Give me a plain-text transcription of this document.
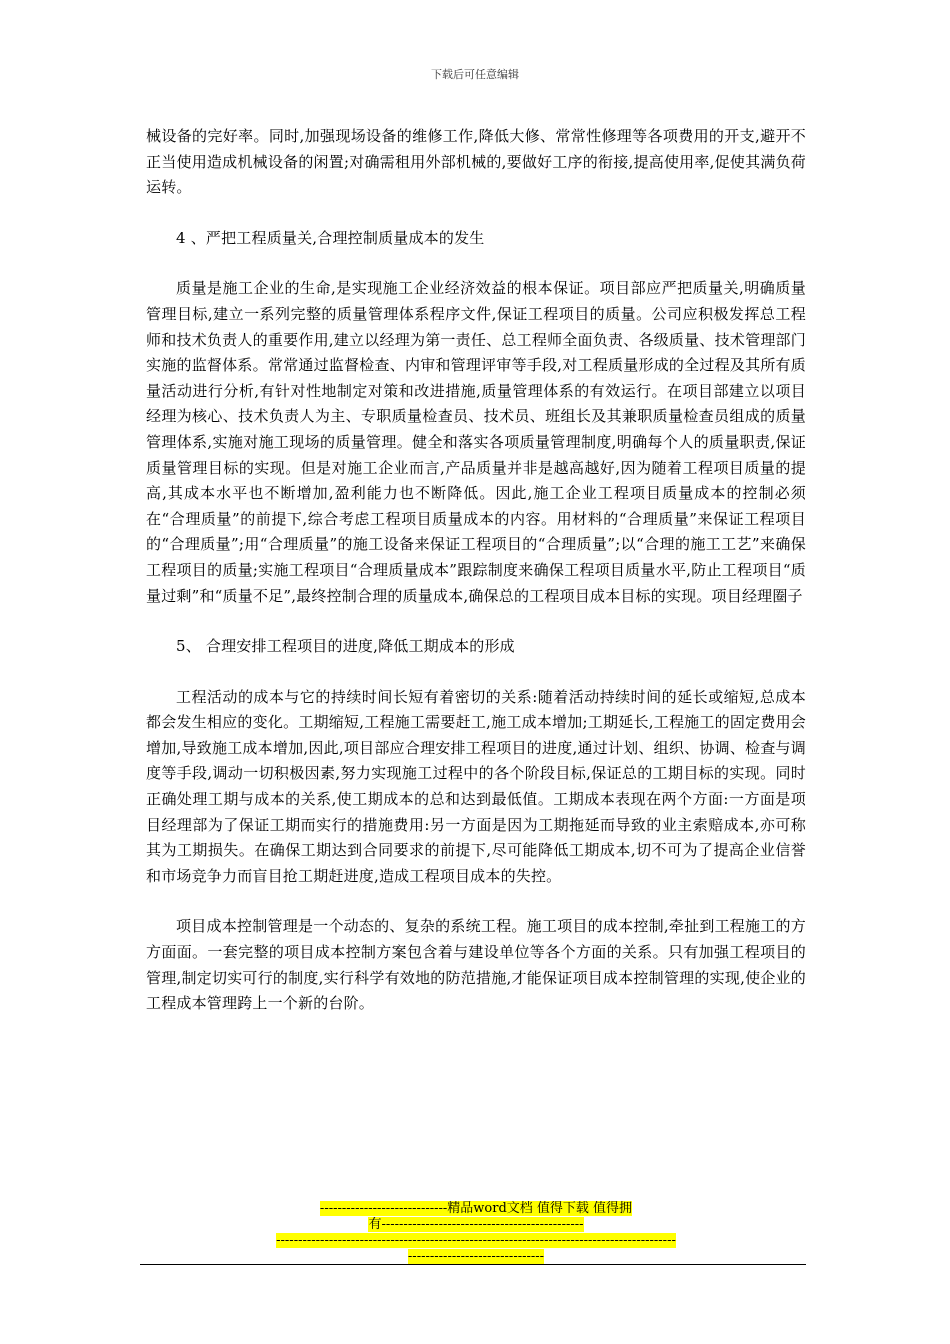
下载后可任意编辑

械设备的完好率。同时,加强现场设备的维修工作,降低大修、常常性修理等各项费用的开支,避开不正当使用造成机械设备的闲置;对确需租用外部机械的,要做好工序的衔接,提高使用率,促使其满负荷运转。

4 、严把工程质量关,合理控制质量成本的发生

质量是施工企业的生命,是实现施工企业经济效益的根本保证。项目部应严把质量关,明确质量管理目标,建立一系列完整的质量管理体系程序文件,保证工程项目的质量。公司应积极发挥总工程师和技术负责人的重要作用,建立以经理为第一责任、总工程师全面负责、各级质量、技术管理部门实施的监督体系。常常通过监督检查、内审和管理评审等手段,对工程质量形成的全过程及其所有质量活动进行分析,有针对性地制定对策和改进措施,质量管理体系的有效运行。在项目部建立以项目经理为核心、技术负责人为主、专职质量检查员、技术员、班组长及其兼职质量检查员组成的质量管理体系,实施对施工现场的质量管理。健全和落实各项质量管理制度,明确每个人的质量职责,保证质量管理目标的实现。但是对施工企业而言,产品质量并非是越高越好,因为随着工程项目质量的提高,其成本水平也不断增加,盈利能力也不断降低。因此,施工企业工程项目质量成本的控制必须在“合理质量”的前提下,综合考虑工程项目质量成本的内容。用材料的“合理质量”来保证工程项目的“合理质量”;用“合理质量”的施工设备来保证工程项目的“合理质量”;以“合理的施工工艺”来确保工程项目的质量;实施工程项目“合理质量成本”跟踪制度来确保工程项目质量水平,防止工程项目“质量过剩”和“质量不足”,最终控制合理的质量成本,确保总的工程项目成本目标的实现。项目经理圈子

5、 合理安排工程项目的进度,降低工期成本的形成

工程活动的成本与它的持续时间长短有着密切的关系:随着活动持续时间的延长或缩短,总成本都会发生相应的变化。工期缩短,工程施工需要赶工,施工成本增加;工期延长,工程施工的固定费用会增加,导致施工成本增加,因此,项目部应合理安排工程项目的进度,通过计划、组织、协调、检查与调度等手段,调动一切积极因素,努力实现施工过程中的各个阶段目标,保证总的工期目标的实现。同时正确处理工期与成本的关系,使工期成本的总和达到最低值。工期成本表现在两个方面:一方面是项目经理部为了保证工期而实行的措施费用:另一方面是因为工期拖延而导致的业主索赔成本,亦可称其为工期损失。在确保工期达到合同要求的前提下,尽可能降低工期成本,切不可为了提高企业信誉和市场竞争力而盲目抢工期赶进度,造成工程项目成本的失控。

项目成本控制管理是一个动态的、复杂的系统工程。施工项目的成本控制,牵扯到工程施工的方方面面。一套完整的项目成本控制方案包含着与建设单位等各个方面的关系。只有加强工程项目的管理,制定切实可行的制度,实行科学有效地的防范措施,才能保证项目成本控制管理的实现,使企业的工程成本管理跨上一个新的台阶。

-----------------------------精品word文档 值得下载 值得拥
有----------------------------------------------
-------------------------------------------------------------------------------------------
-------------------------------
